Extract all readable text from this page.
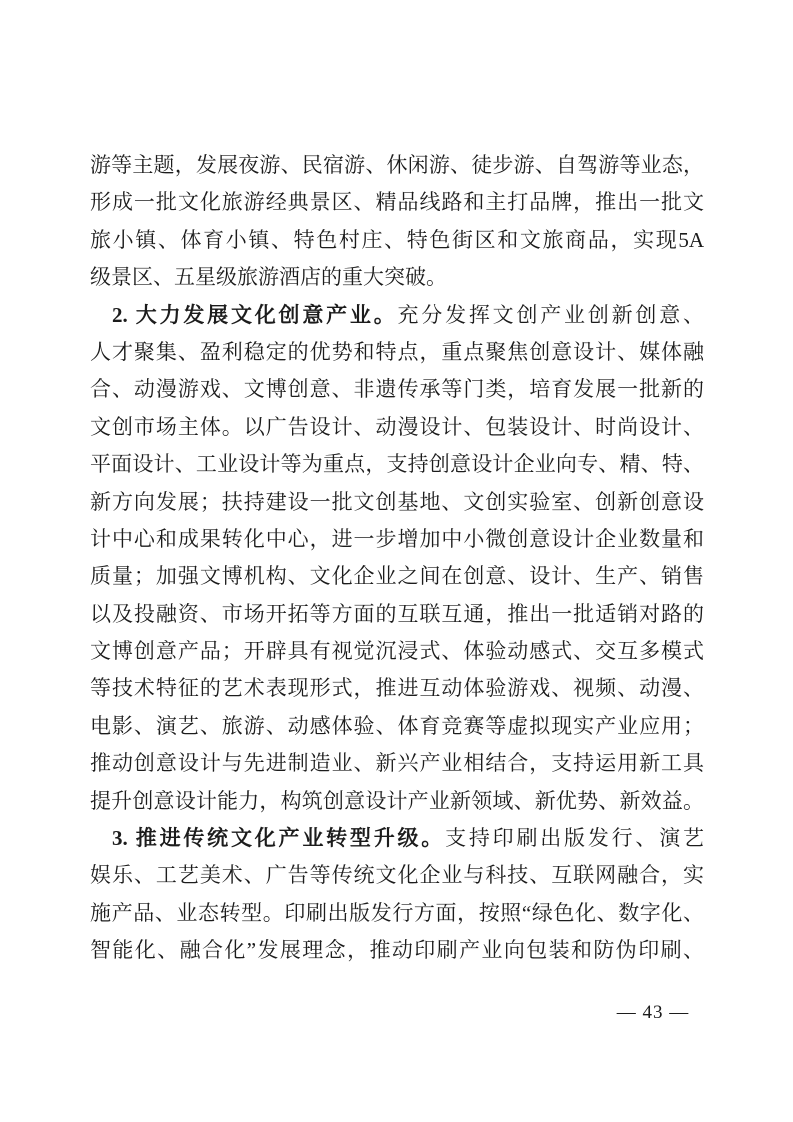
游等主题，发展夜游、民宿游、休闲游、徒步游、自驾游等业态，
形成一批文化旅游经典景区、精品线路和主打品牌，推出一批文
旅小镇、体育小镇、特色村庄、特色街区和文旅商品，实现5A
级景区、五星级旅游酒店的重大突破。
2. 大力发展文化创意产业。充分发挥文创产业创新创意、
人才聚集、盈利稳定的优势和特点，重点聚焦创意设计、媒体融
合、动漫游戏、文博创意、非遗传承等门类，培育发展一批新的
文创市场主体。以广告设计、动漫设计、包装设计、时尚设计、
平面设计、工业设计等为重点，支持创意设计企业向专、精、特、
新方向发展；扶持建设一批文创基地、文创实验室、创新创意设
计中心和成果转化中心，进一步增加中小微创意设计企业数量和
质量；加强文博机构、文化企业之间在创意、设计、生产、销售
以及投融资、市场开拓等方面的互联互通，推出一批适销对路的
文博创意产品；开辟具有视觉沉浸式、体验动感式、交互多模式
等技术特征的艺术表现形式，推进互动体验游戏、视频、动漫、
电影、演艺、旅游、动感体验、体育竞赛等虚拟现实产业应用；
推动创意设计与先进制造业、新兴产业相结合，支持运用新工具
提升创意设计能力，构筑创意设计产业新领域、新优势、新效益。
3. 推进传统文化产业转型升级。支持印刷出版发行、演艺
娱乐、工艺美术、广告等传统文化企业与科技、互联网融合，实
施产品、业态转型。印刷出版发行方面，按照“绿色化、数字化、
智能化、融合化”发展理念，推动印刷产业向包装和防伪印刷、
— 43 —
